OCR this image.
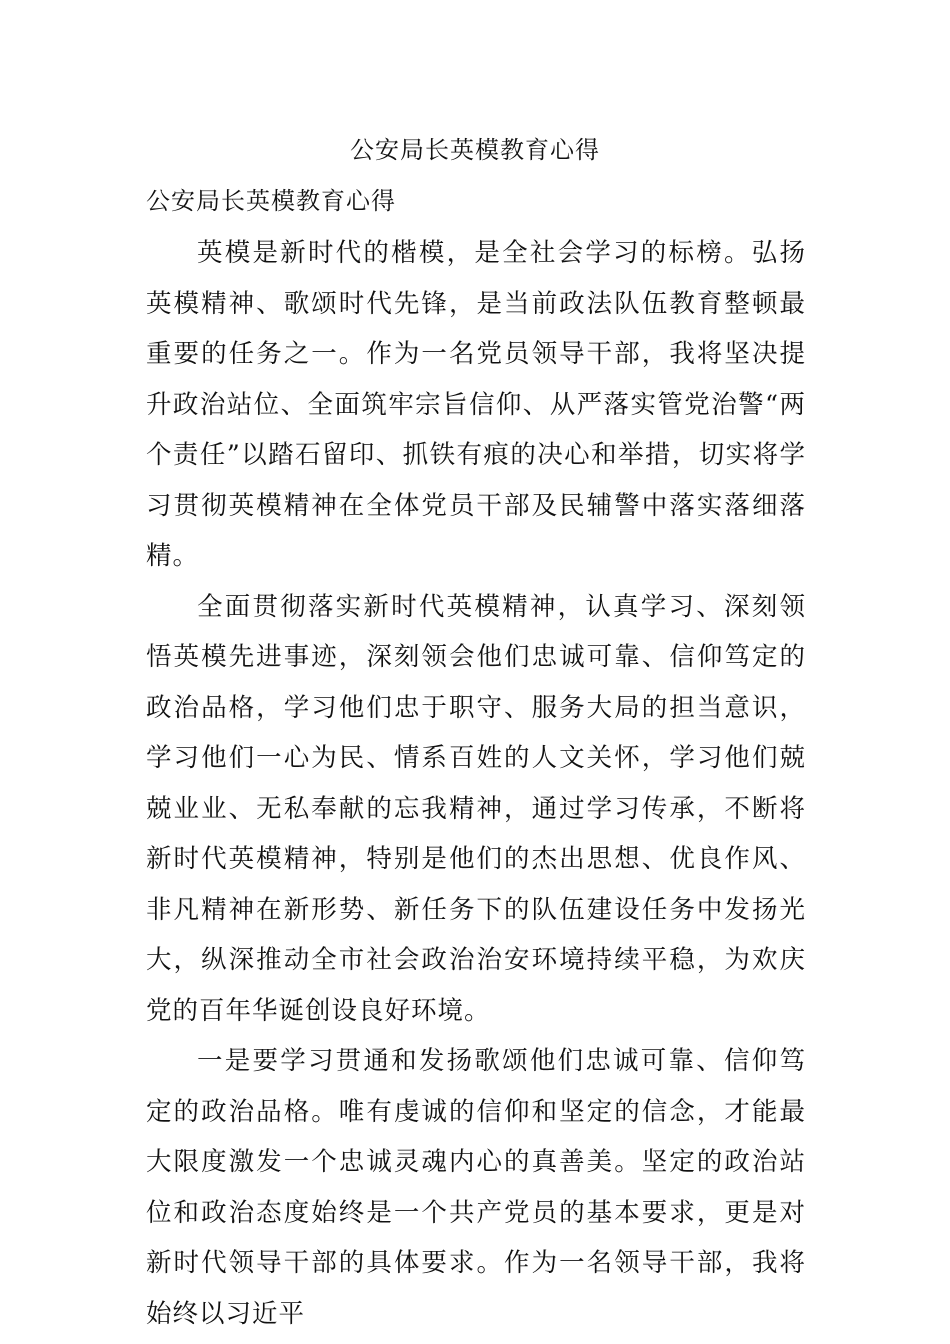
公安局长英模教育心得
公安局长英模教育心得

英模是新时代的楷模，是全社会学习的标榜。弘扬英模精神、歌颂时代先锋，是当前政法队伍教育整顿最重要的任务之一。作为一名党员领导干部，我将坚决提升政治站位、全面筑牢宗旨信仰、从严落实管党治警“两个责任”以踏石留印、抓铁有痕的决心和举措，切实将学习贯彻英模精神在全体党员干部及民辅警中落实落细落精。

全面贯彻落实新时代英模精神，认真学习、深刻领悟英模先进事迹，深刻领会他们忠诚可靠、信仰笃定的政治品格，学习他们忠于职守、服务大局的担当意识，学习他们一心为民、情系百姓的人文关怀，学习他们兢兢业业、无私奉献的忘我精神，通过学习传承，不断将新时代英模精神，特别是他们的杰出思想、优良作风、非凡精神在新形势、新任务下的队伍建设任务中发扬光大，纵深推动全市社会政治治安环境持续平稳，为欢庆党的百年华诞创设良好环境。

一是要学习贯通和发扬歌颂他们忠诚可靠、信仰笃定的政治品格。唯有虔诚的信仰和坚定的信念，才能最大限度激发一个忠诚灵魂内心的真善美。坚定的政治站位和政治态度始终是一个共产党员的基本要求，更是对新时代领导干部的具体要求。作为一名领导干部，我将始终以习近平
